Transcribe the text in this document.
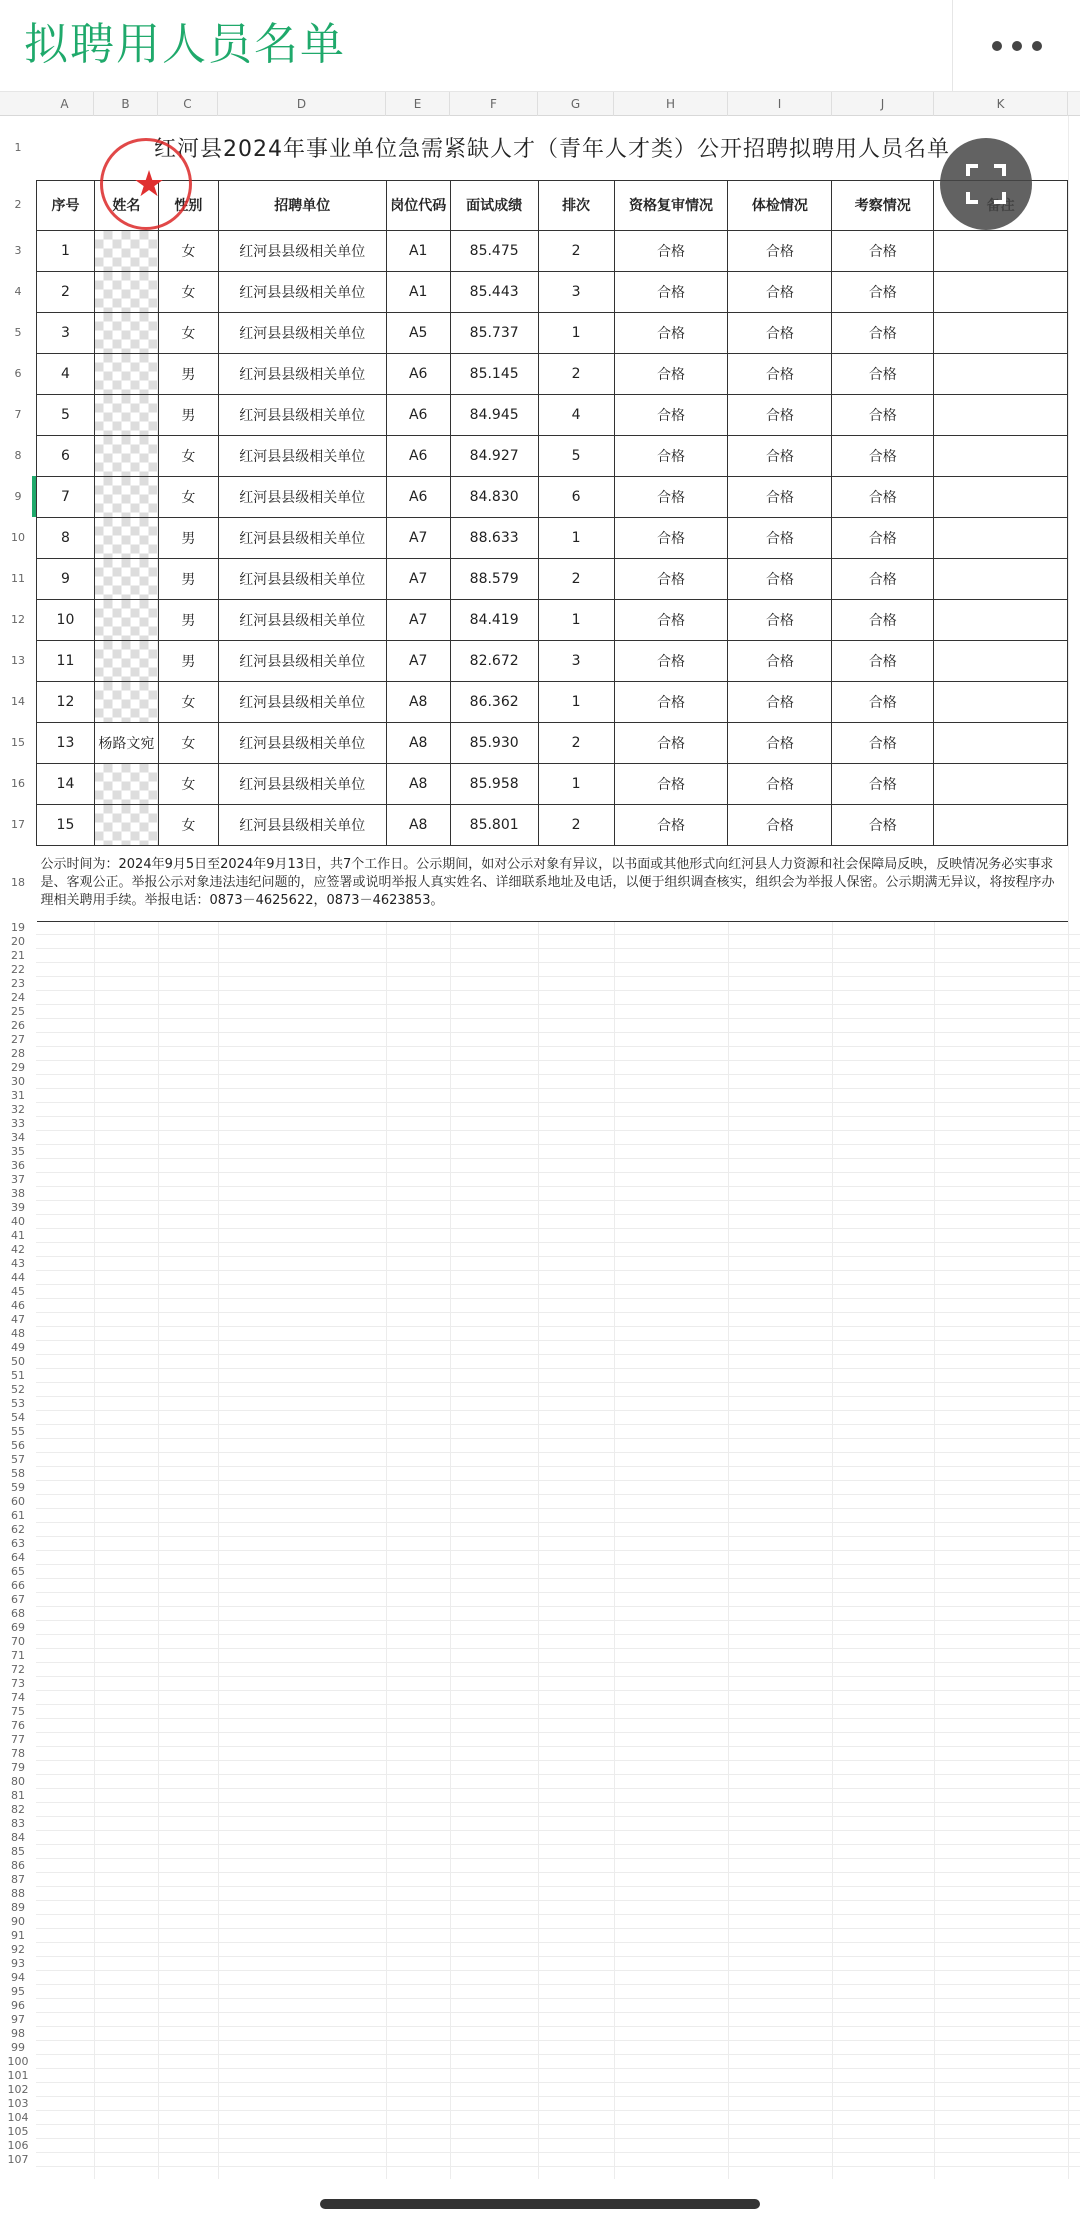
拟聘用人员名单
A	B	C	D	E	F	G	H	I	J	K
1
2
3
4
5
6
7
8
9
10
11
12
13
14
15
16
17
18
19
20
21
22
23
24
25
26
27
28
29
30
31
32
33
34
35
36
37
38
39
40
41
42
43
44
45
46
47
48
49
50
51
52
53
54
55
56
57
58
59
60
61
62
63
64
65
66
67
68
69
70
71
72
73
74
75
76
77
78
79
80
81
82
83
84
85
86
87
88
89
90
91
92
93
94
95
96
97
98
99
100
101
102
103
104
105
106
107
红河县2024年事业单位急需紧缺人才（青年人才类）公开招聘拟聘用人员名单										
序号	姓名	性别	招聘单位	岗位代码	面试成绩	排次	资格复审情况	体检情况	考察情况	
1		女	红河县县级相关单位	A1	85.475	2	合格	合格	合格	
2		女	红河县县级相关单位	A1	85.443	3	合格	合格	合格	
3		女	红河县县级相关单位	A5	85.737	1	合格	合格	合格	
4		男	红河县县级相关单位	A6	85.145	2	合格	合格	合格	
5		男	红河县县级相关单位	A6	84.945	4	合格	合格	合格	
6		女	红河县县级相关单位	A6	84.927	5	合格	合格	合格	
7		女	红河县县级相关单位	A6	84.830	6	合格	合格	合格	
8		男	红河县县级相关单位	A7	88.633	1	合格	合格	合格	
9		男	红河县县级相关单位	A7	88.579	2	合格	合格	合格	
10		男	红河县县级相关单位	A7	84.419	1	合格	合格	合格	
11		男	红河县县级相关单位	A7	82.672	3	合格	合格	合格	
12		女	红河县县级相关单位	A8	86.362	1	合格	合格	合格	
13	杨路文宛	女	红河县县级相关单位	A8	85.930	2	合格	合格	合格	
14		女	红河县县级相关单位	A8	85.958	1	合格	合格	合格	
15		女	红河县县级相关单位	A8	85.801	2	合格	合格	合格	
公示时间为：2024年9月5日至2024年9月13日，共7个工作日。公示期间，如对公示对象有异议，以书面或其他形式向红河县人力资源和社会保障局反映，反映情况务必实事求是、客观公正。举报公示对象违法违纪问题的，应签署或说明举报人真实姓名、详细联系地址及电话，以便于组织调查核实，组织会为举报人保密。公示期满无异议，将按程序办理相关聘用手续。举报电话：0873－4625622，0873－4623853。										
★
